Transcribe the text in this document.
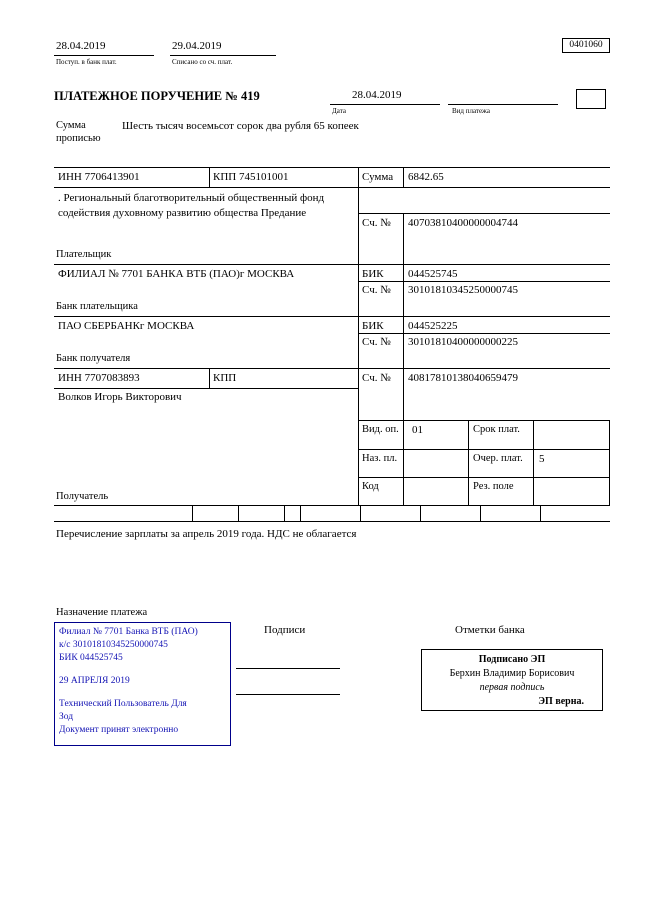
28.04.2019
Поступ. в банк плат.
29.04.2019
Списано со сч. плат.
0401060
ПЛАТЕЖНОЕ ПОРУЧЕНИЕ № 419	28.04.2019
Дата	Вид платежа
Сумма
прописью
Шесть тысяч восемьсот сорок два рубля 65 копеек
ИНН 7706413901	КПП 745101001	Сумма 6842.65
. Региональный благотворительный общественный фонд содействия духовному развитию общества Предание
Плательщик
Сч. № 40703810400000004744
ФИЛИАЛ № 7701 БАНКА ВТБ (ПАО)г МОСКВА
Банк плательщика
БИК 044525745
Сч. № 30101810345250000745
ПАО СБЕРБАНКг МОСКВА
Банк получателя
БИК 044525225
Сч. № 30101810400000000225
ИНН 7707083893	КПП	Сч. № 40817810138040659479
Волков Игорь Викторович
Получатель
Вид. оп. 01	Срок плат.
Наз. пл.	Очер. плат.	5
Код	Рез. поле
Перечисление зарплаты за апрель 2019 года. НДС не облагается
Назначение платежа
Подписи	Отметки банка
Филиал № 7701 Банка ВТБ (ПАО)
к/с 30101810345250000745
БИК 044525745
29 АПРЕЛЯ 2019
Технический Пользователь Для
Зод
Документ принят электронно
Подписано ЭП
Берхин Владимир Борисович
первая подпись
ЭП верна.
